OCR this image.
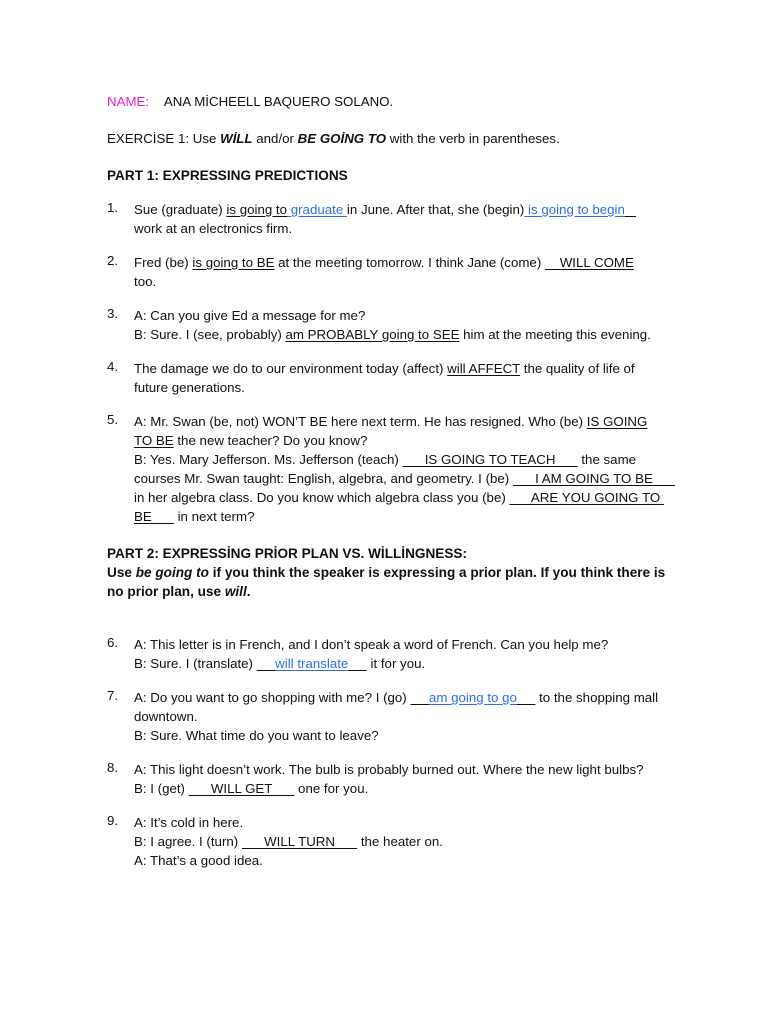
NAME: ANA MİCHEELL BAQUERO SOLANO.

EXERCİSE 1: Use WİLL and/or BE GOİNG TO with the verb in parentheses.

PART 1: EXPRESSING PREDICTIONS

1.	Sue (graduate) is going to graduate in June. After that, she (begin) is going to begin

work at an electronics firm.

2.	Fred (be) is going to BE at the meeting tomorrow. I think Jane (come)     WILL COME

too.

3.	A: Can you give Ed a message for me?

B: Sure. I (see, probably) am PROBABLY going to SEE him at the meeting this evening.

4.	The damage we do to our environment today (affect) will AFFECT the quality of life of future generations.

5.	A: Mr. Swan (be, not) WON’T BE here next term. He has resigned. Who (be) IS GOING TO BE the new teacher? Do you know?

B: Yes. Mary Jefferson. Ms. Jefferson (teach)       IS GOING TO TEACH       the same courses Mr. Swan taught: English, algebra, and geometry. I (be)       I AM GOING TO BE       in her algebra class. Do you know which algebra class you (be)       ARE YOU GOING TO BE       in next term?

PART 2: EXPRESSİNG PRİOR PLAN VS. WİLLİNGNESS:

Use be going to if you think the speaker is expressing a prior plan. If you think there is no prior plan, use will.

6.	A: This letter is in French, and I don’t speak a word of French. Can you help me?

B: Sure. I (translate)      will translate      it for you.

7.	A: Do you want to go shopping with me? I (go)      am going to go      to the shopping mall downtown.

B: Sure. What time do you want to leave?

8.	A: This light doesn’t work. The bulb is probably burned out. Where the new light bulbs?

B: I (get)       WILL GET       one for you.

9.	A: It’s cold in here.

B: I agree. I (turn)       WILL TURN       the heater on.

A: That’s a good idea.
